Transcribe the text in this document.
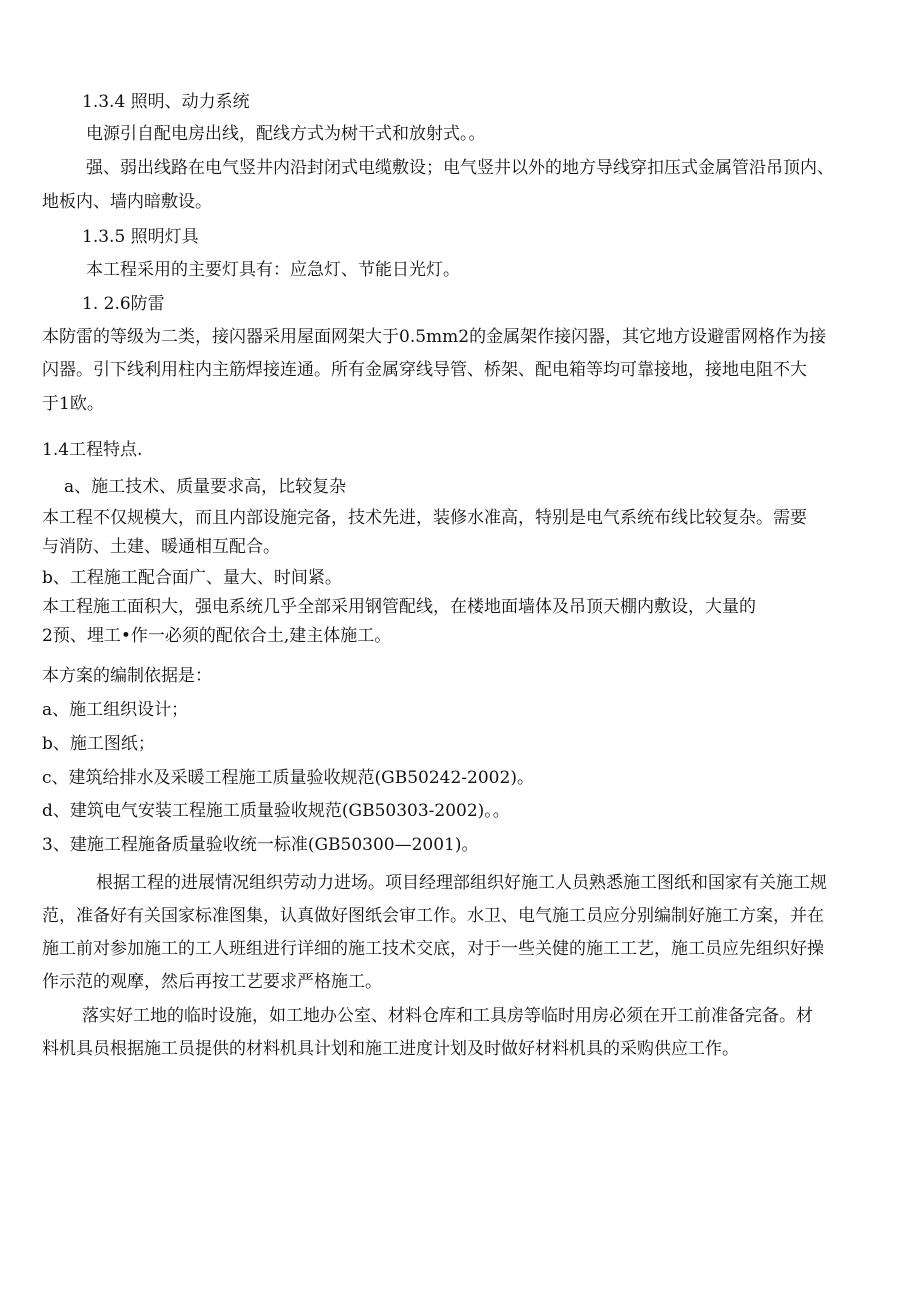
1.3.4 照明、动力系统
电源引自配电房出线，配线方式为树干式和放射式。。
强、弱出线路在电气竖井内沿封闭式电缆敷设；电气竖井以外的地方导线穿扣压式金属管沿吊顶内、
地板内、墙内暗敷设。
1.3.5 照明灯具
本工程采用的主要灯具有：应急灯、节能日光灯。
1. 2.6防雷
本防雷的等级为二类，接闪器采用屋面网架大于0.5mm2的金属架作接闪器，其它地方设避雷网格作为接
闪器。引下线利用柱内主筋焊接连通。所有金属穿线导管、桥架、配电箱等均可靠接地，接地电阻不大
于1欧。
1.4工程特点.
a、施工技术、质量要求高，比较复杂
本工程不仅规模大，而且内部设施完备，技术先进，装修水准高，特别是电气系统布线比较复杂。需要
与消防、土建、暖通相互配合。
b、工程施工配合面广、量大、时间紧。
本工程施工面积大，强电系统几乎全部采用钢管配线，在楼地面墙体及吊顶天棚内敷设，大量的
2预、埋工•作一必须的配依合土,建主体施工。
本方案的编制依据是：
a、施工组织设计；
b、施工图纸；
c、建筑给排水及采暖工程施工质量验收规范(GB50242-2002)。
d、建筑电气安装工程施工质量验收规范(GB50303-2002)。。
3、建施工程施备质量验收统一标准(GB50300—2001)。
根据工程的进展情况组织劳动力进场。项目经理部组织好施工人员熟悉施工图纸和国家有关施工规
范，准备好有关国家标准图集，认真做好图纸会审工作。水卫、电气施工员应分别编制好施工方案，并在
施工前对参加施工的工人班组进行详细的施工技术交底，对于一些关健的施工工艺，施工员应先组织好操
作示范的观摩，然后再按工艺要求严格施工。
落实好工地的临时设施，如工地办公室、材料仓库和工具房等临时用房必须在开工前准备完备。材
料机具员根据施工员提供的材料机具计划和施工进度计划及时做好材料机具的采购供应工作。
